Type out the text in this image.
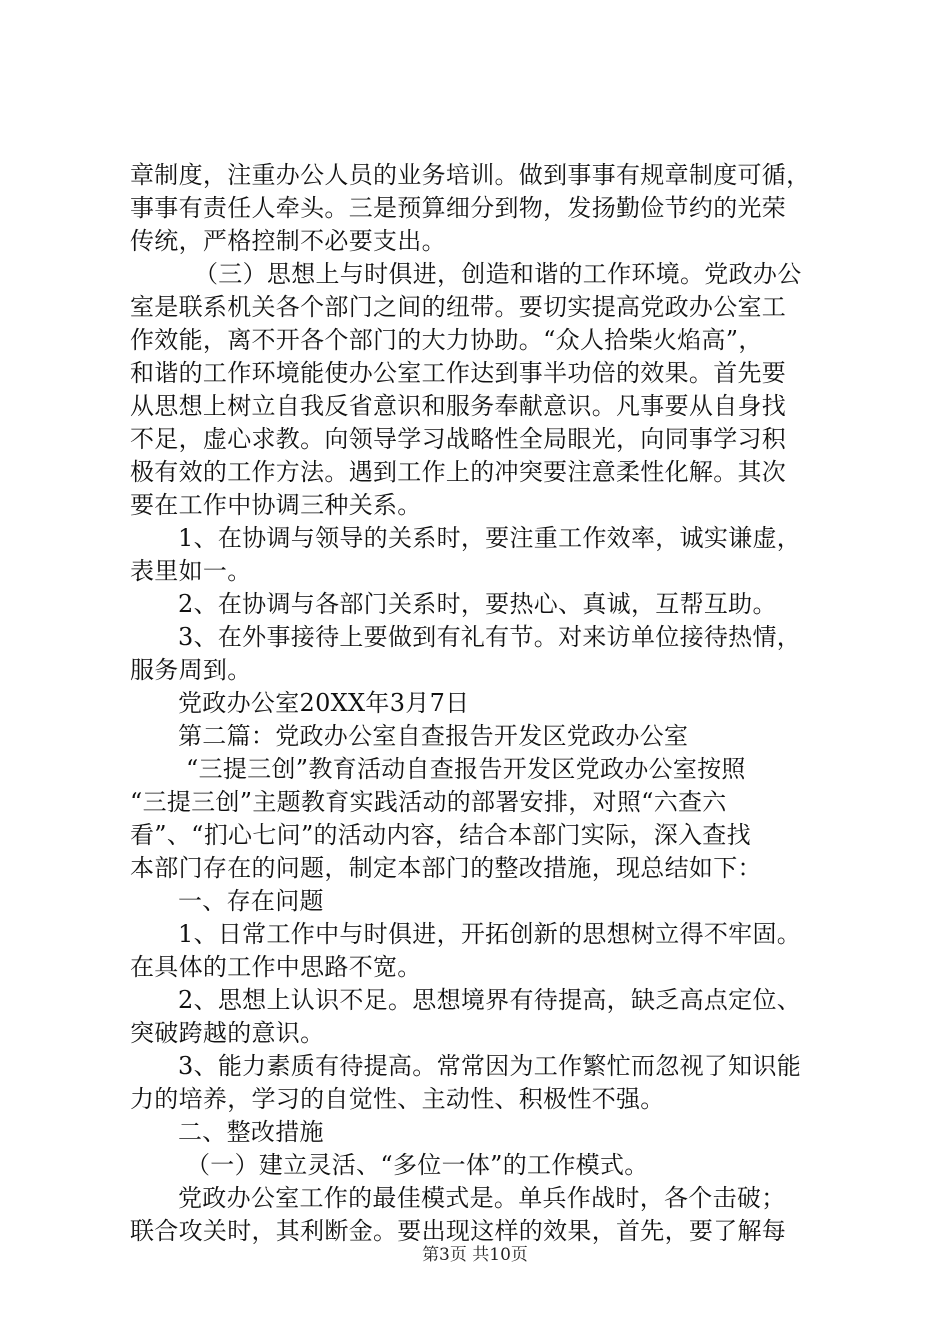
章制度，注重办公人员的业务培训。做到事事有规章制度可循，
事事有责任人牵头。三是预算细分到物，发扬勤俭节约的光荣
传统，严格控制不必要支出。
（三）思想上与时俱进，创造和谐的工作环境。党政办公
室是联系机关各个部门之间的纽带。要切实提高党政办公室工
作效能，离不开各个部门的大力协助。“众人拾柴火焰高”，
和谐的工作环境能使办公室工作达到事半功倍的效果。首先要
从思想上树立自我反省意识和服务奉献意识。凡事要从自身找
不足，虚心求教。向领导学习战略性全局眼光，向同事学习积
极有效的工作方法。遇到工作上的冲突要注意柔性化解。其次
要在工作中协调三种关系。
1、在协调与领导的关系时，要注重工作效率，诚实谦虚，
表里如一。
2、在协调与各部门关系时，要热心、真诚，互帮互助。
3、在外事接待上要做到有礼有节。对来访单位接待热情，
服务周到。
党政办公室20XX年3月7日
第二篇：党政办公室自查报告开发区党政办公室
“三提三创”教育活动自查报告开发区党政办公室按照
“三提三创”主题教育实践活动的部署安排，对照“六查六
看”、“扪心七问”的活动内容，结合本部门实际，深入查找
本部门存在的问题，制定本部门的整改措施，现总结如下：
一、存在问题
1、日常工作中与时俱进，开拓创新的思想树立得不牢固。
在具体的工作中思路不宽。
2、思想上认识不足。思想境界有待提高，缺乏高点定位、
突破跨越的意识。
3、能力素质有待提高。常常因为工作繁忙而忽视了知识能
力的培养，学习的自觉性、主动性、积极性不强。
二、整改措施
（一）建立灵活、“多位一体”的工作模式。
党政办公室工作的最佳模式是。单兵作战时，各个击破；
联合攻关时，其利断金。要出现这样的效果，首先，要了解每
第3页 共10页
